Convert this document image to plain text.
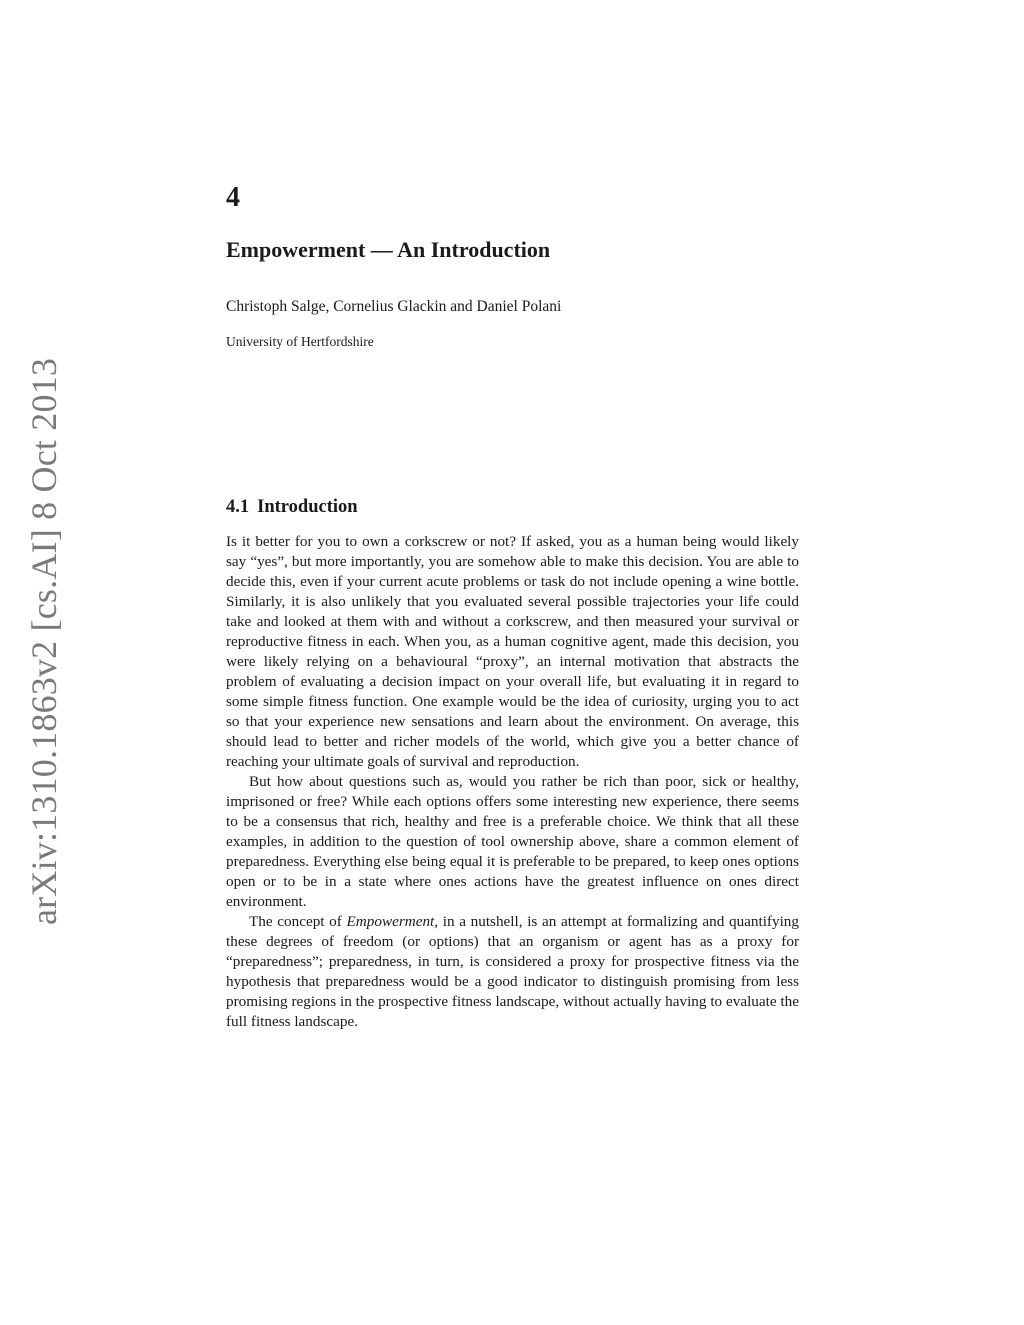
arXiv:1310.1863v2 [cs.AI] 8 Oct 2013
4
Empowerment — An Introduction
Christoph Salge, Cornelius Glackin and Daniel Polani
University of Hertfordshire
4.1 Introduction

Is it better for you to own a corkscrew or not? If asked, you as a human being would likely say “yes”, but more importantly, you are somehow able to make this decision. You are able to decide this, even if your current acute problems or task do not include opening a wine bottle. Similarly, it is also unlikely that you evaluated several possible trajectories your life could take and looked at them with and without a corkscrew, and then measured your survival or reproductive fitness in each. When you, as a human cognitive agent, made this decision, you were likely relying on a behavioural “proxy”, an internal motivation that abstracts the problem of evaluating a decision impact on your overall life, but evaluating it in regard to some simple fitness function. One example would be the idea of curiosity, urging you to act so that your experience new sensations and learn about the environment. On average, this should lead to better and richer models of the world, which give you a better chance of reaching your ultimate goals of survival and reproduction.

But how about questions such as, would you rather be rich than poor, sick or healthy, imprisoned or free? While each options offers some interesting new experience, there seems to be a consensus that rich, healthy and free is a preferable choice. We think that all these examples, in addition to the question of tool ownership above, share a common element of preparedness. Everything else being equal it is preferable to be prepared, to keep ones options open or to be in a state where ones actions have the greatest influence on ones direct environment.

The concept of Empowerment, in a nutshell, is an attempt at formalizing and quantifying these degrees of freedom (or options) that an organism or agent has as a proxy for “preparedness”; preparedness, in turn, is considered a proxy for prospective fitness via the hypothesis that preparedness would be a good indicator to distinguish promising from less promising regions in the prospective fitness landscape, without actually having to evaluate the full fitness landscape.
